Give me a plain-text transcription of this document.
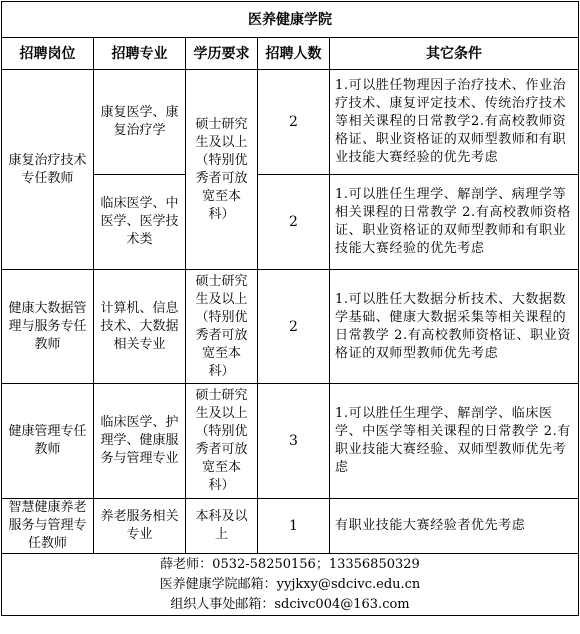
医养健康学院				
招聘岗位	招聘专业	学历要求	招聘人数	其它条件
康复治疗技术专任教师	康复医学、康复治疗学	硕士研究生及以上（特别优秀者可放宽至本科）	2	1.可以胜任物理因子治疗技术、作业治疗技术、康复评定技术、传统治疗技术等相关课程的日常教学2.有高校教师资格证、职业资格证的双师型教师和有职业技能大赛经验的优先考虑
	临床医学、中医学、医学技术类		2	1.可以胜任生理学、解剖学、病理学等相关课程的日常教学 2.有高校教师资格证、职业资格证的双师型教师和有职业技能大赛经验的优先考虑
健康大数据管理与服务专任教师	计算机、信息技术、大数据相关专业	硕士研究生及以上（特别优秀者可放宽至本科）	2	1.可以胜任大数据分析技术、大数据数学基础、健康大数据采集等相关课程的日常教学 2.有高校教师资格证、职业资格证的双师型教师优先考虑
健康管理专任教师	临床医学、护理学、健康服务与管理专业	硕士研究生及以上（特别优秀者可放宽至本科）	3	1.可以胜任生理学、解剖学、临床医学、中医学等相关课程的日常教学 2.有职业技能大赛经验、双师型教师优先考虑
智慧健康养老服务与管理专任教师	养老服务相关专业	本科及以上	1	有职业技能大赛经验者优先考虑

薛老师：0532-58250156；13356850329
医养健康学院邮箱：yyjkxy@sdcivc.edu.cn
组织人事处邮箱：sdcivc004@163.com				
